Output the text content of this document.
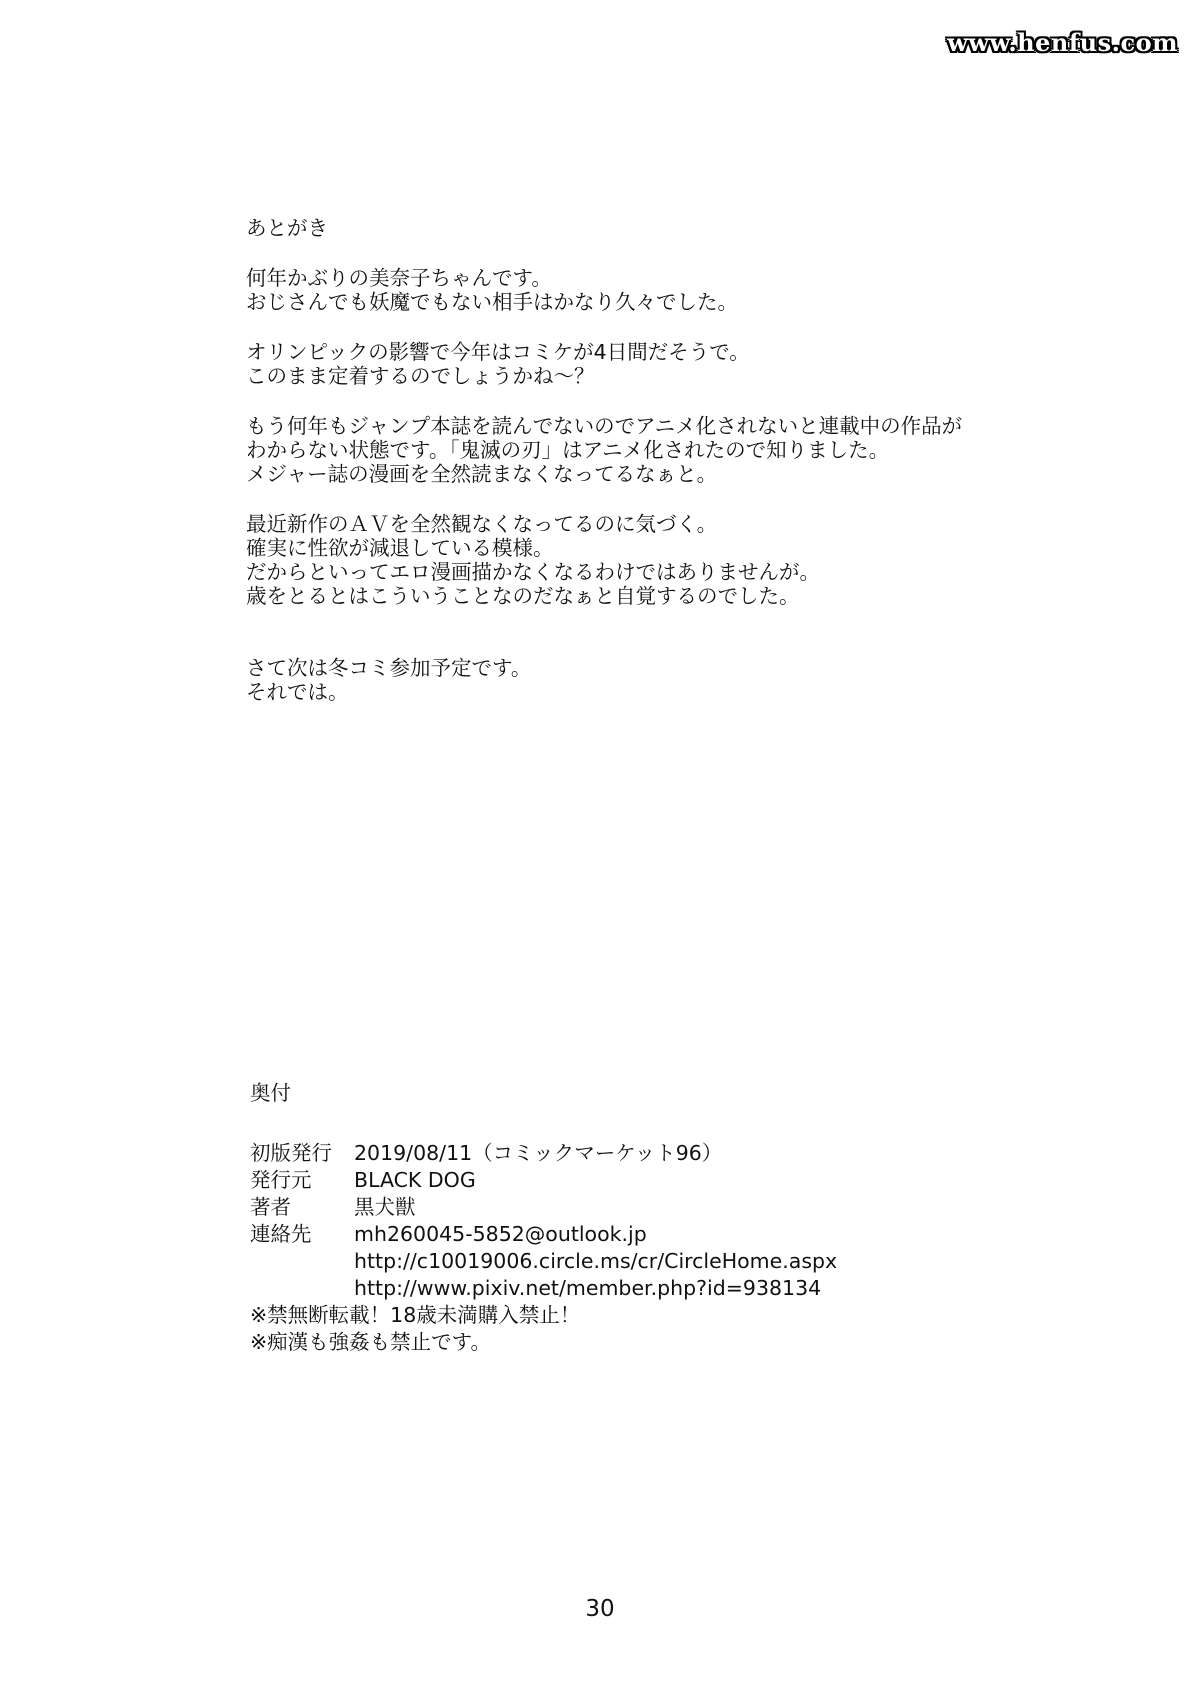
www.henfus.com
あとがき
何年かぶりの美奈子ちゃんです。
おじさんでも妖魔でもない相手はかなり久々でした。
オリンピックの影響で今年はコミケが4日間だそうで。
このまま定着するのでしょうかね～？
もう何年もジャンプ本誌を読んでないのでアニメ化されないと連載中の作品が
わからない状態です。「鬼滅の刃」はアニメ化されたので知りました。
メジャー誌の漫画を全然読まなくなってるなぁと。
最近新作のＡＶを全然観なくなってるのに気づく。
確実に性欲が減退している模様。
だからといってエロ漫画描かなくなるわけではありませんが。
歳をとるとはこういうことなのだなぁと自覚するのでした。
さて次は冬コミ参加予定です。
それでは。
奥付
初版発行	2019/08/11（コミックマーケット96）
発行元	BLACK DOG
著者	黒犬獣
連絡先	mh260045-5852@outlook.jp
http://c10019006.circle.ms/cr/CircleHome.aspx
http://www.pixiv.net/member.php?id=938134
※禁無断転載！18歳未満購入禁止！
※痴漢も強姦も禁止です。
30
